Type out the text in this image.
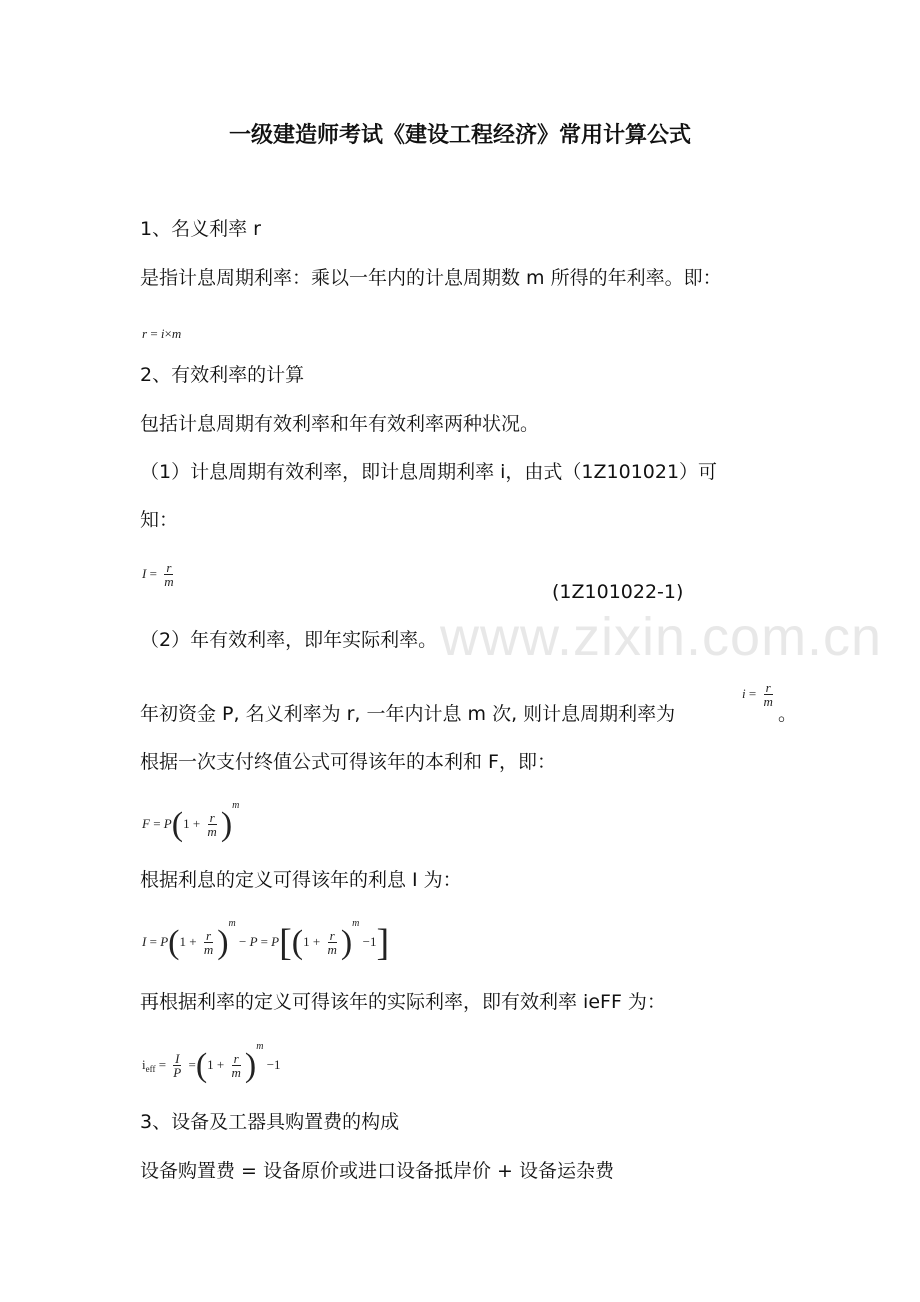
www.zixin.com.cn
一级建造师考试《建设工程经济》常用计算公式
1、名义利率 r
是指计息周期利率：乘以一年内的计息周期数 m 所得的年利率。即：
r = i×m
2、有效利率的计算
包括计息周期有效利率和年有效利率两种状况。
（1）计息周期有效利率，即计息周期利率 i，由式（1Z101021）可
知：
$I = \frac{r}{m}$
(1Z101022-1)
（2）年有效利率，即年实际利率。
年初资金 P, 名义利率为 r, 一年内计息 m 次, 则计息周期利率为
$i = \frac{r}{m}$
。
根据一次支付终值公式可得该年的本利和 F，即：
$F = P(1 + \frac{r}{m} )^m$
根据利息的定义可得该年的利息 I 为：
$I = P(1 + \frac{r}{m} )^m - P = P[(1 + \frac{r}{m} )^m -1]$
再根据利率的定义可得该年的实际利率，即有效利率 ieFF 为：
$i_{eff} = \frac{I}{P} =(1 + \frac{r}{m} )^m -1$
3、设备及工器具购置费的构成
设备购置费 = 设备原价或进口设备抵岸价 + 设备运杂费
